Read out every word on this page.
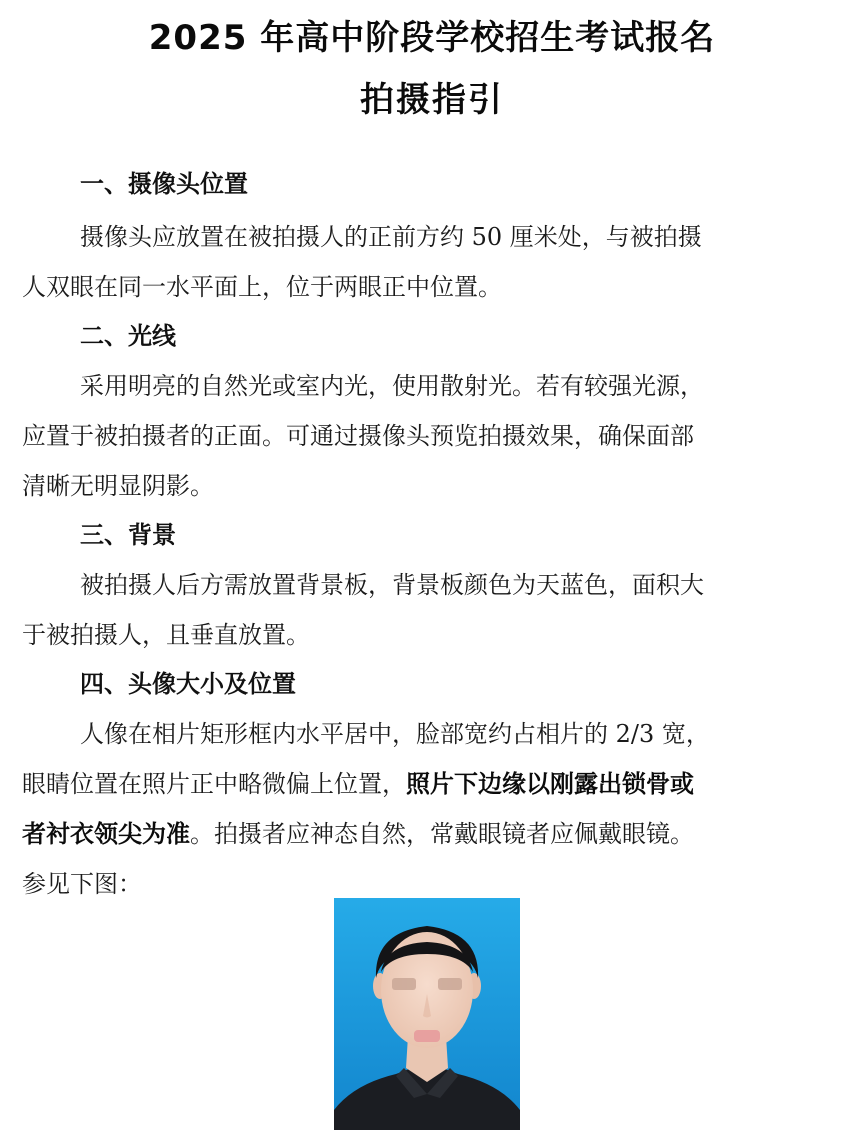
2025 年高中阶段学校招生考试报名
拍摄指引
一、摄像头位置
摄像头应放置在被拍摄人的正前方约 50 厘米处，与被拍摄
人双眼在同一水平面上，位于两眼正中位置。
二、光线
采用明亮的自然光或室内光，使用散射光。若有较强光源，
应置于被拍摄者的正面。可通过摄像头预览拍摄效果，确保面部
清晰无明显阴影。
三、背景
被拍摄人后方需放置背景板，背景板颜色为天蓝色，面积大
于被拍摄人，且垂直放置。
四、头像大小及位置
人像在相片矩形框内水平居中，脸部宽约占相片的 2/3 宽，
眼睛位置在照片正中略微偏上位置，照片下边缘以刚露出锁骨或
者衬衣领尖为准。拍摄者应神态自然，常戴眼镜者应佩戴眼镜。
参见下图：
